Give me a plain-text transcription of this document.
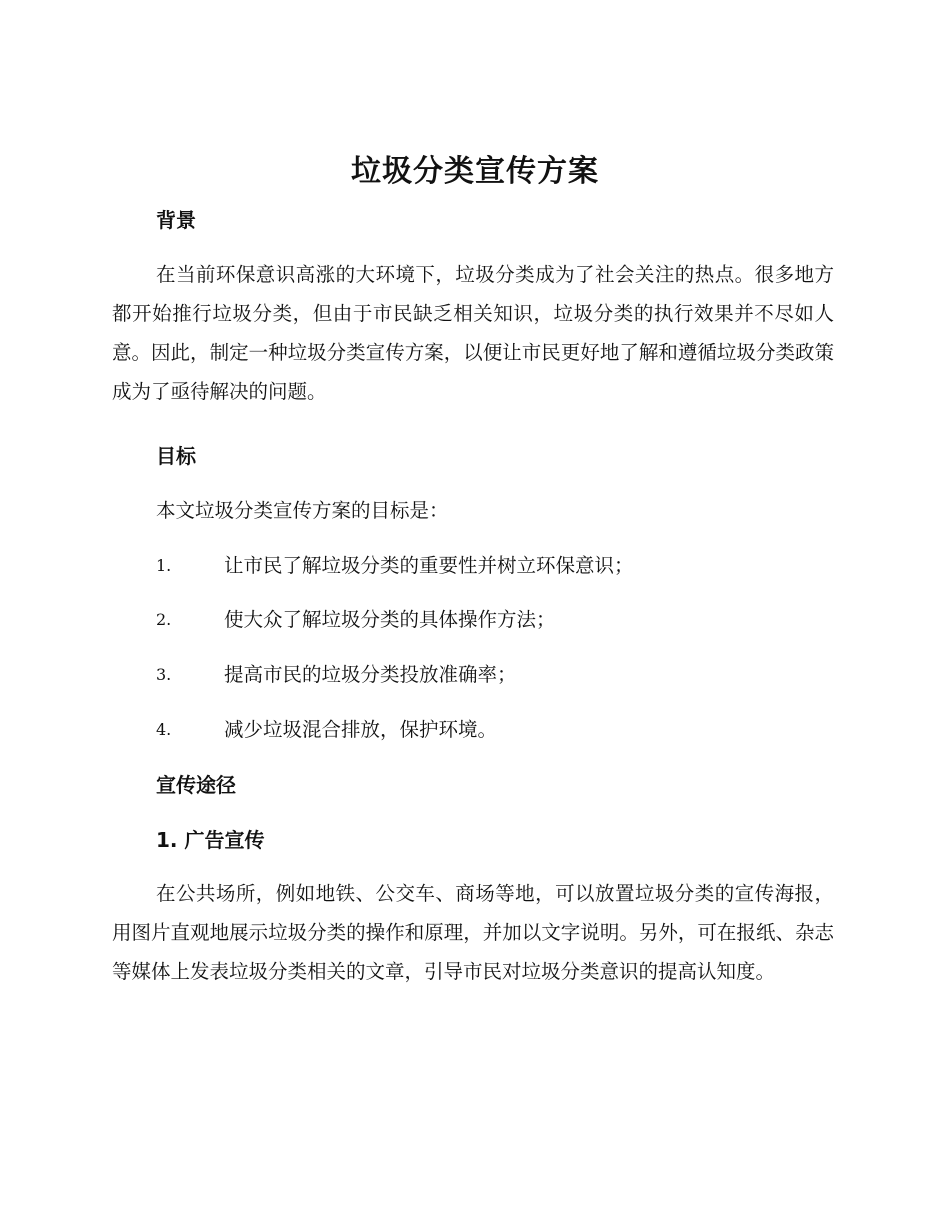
垃圾分类宣传方案
背景

在当前环保意识高涨的大环境下，垃圾分类成为了社会关注的热点。很多地方都开始推行垃圾分类，但由于市民缺乏相关知识，垃圾分类的执行效果并不尽如人意。因此，制定一种垃圾分类宣传方案，以便让市民更好地了解和遵循垃圾分类政策成为了亟待解决的问题。

目标

本文垃圾分类宣传方案的目标是：

1.	让市民了解垃圾分类的重要性并树立环保意识；
2.	使大众了解垃圾分类的具体操作方法；
3.	提高市民的垃圾分类投放准确率；
4.	减少垃圾混合排放，保护环境。
宣传途径
1. 广告宣传

在公共场所，例如地铁、公交车、商场等地，可以放置垃圾分类的宣传海报，用图片直观地展示垃圾分类的操作和原理，并加以文字说明。另外，可在报纸、杂志等媒体上发表垃圾分类相关的文章，引导市民对垃圾分类意识的提高认知度。
